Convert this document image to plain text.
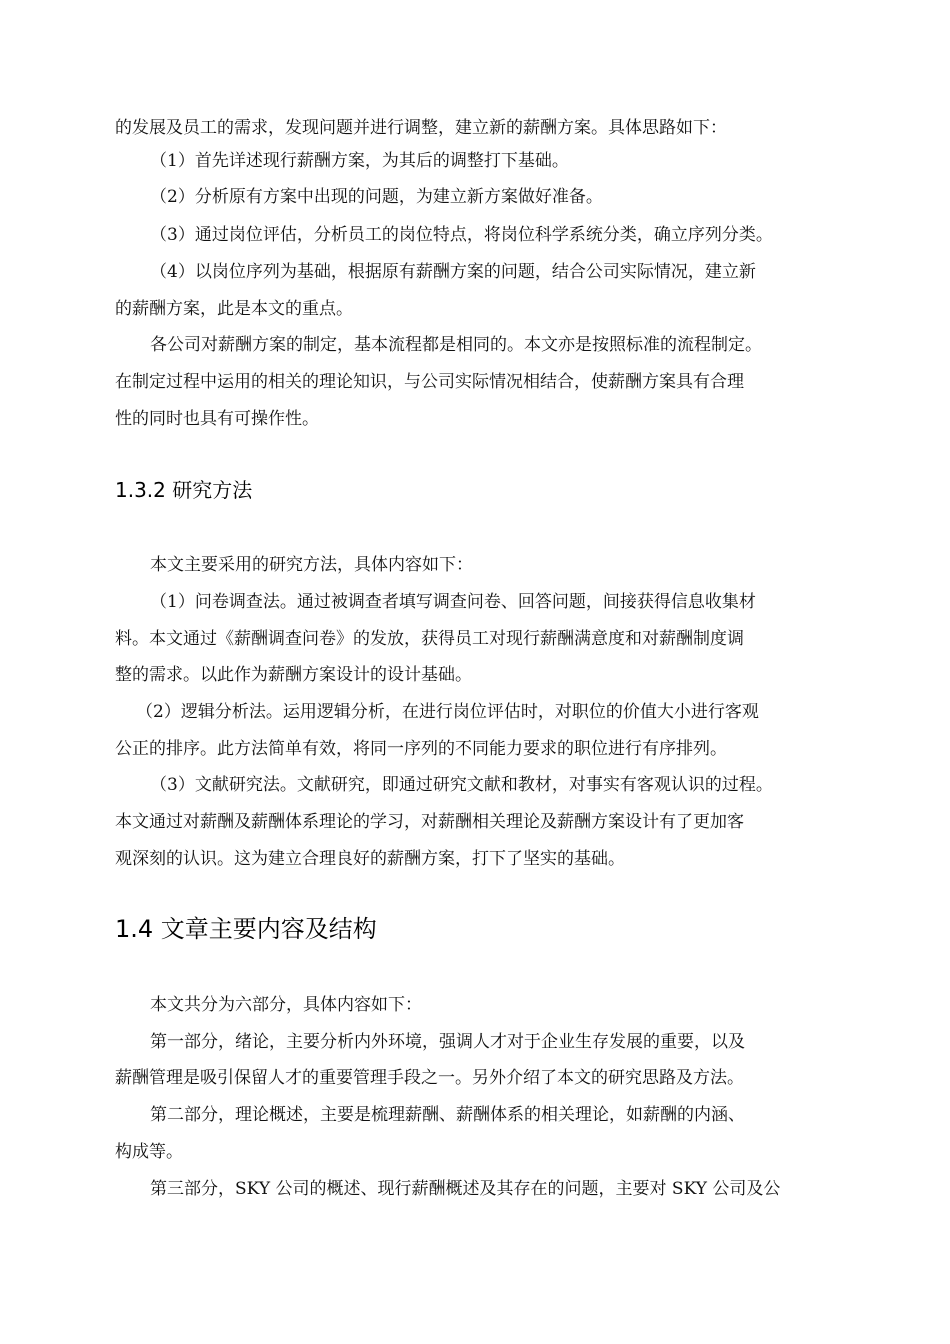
的发展及员工的需求，发现问题并进行调整，建立新的薪酬方案。具体思路如下：
（1）首先详述现行薪酬方案，为其后的调整打下基础。
（2）分析原有方案中出现的问题，为建立新方案做好准备。
（3）通过岗位评估，分析员工的岗位特点，将岗位科学系统分类，确立序列分类。
（4）以岗位序列为基础，根据原有薪酬方案的问题，结合公司实际情况，建立新
的薪酬方案，此是本文的重点。
各公司对薪酬方案的制定，基本流程都是相同的。本文亦是按照标准的流程制定。
在制定过程中运用的相关的理论知识，与公司实际情况相结合，使薪酬方案具有合理
性的同时也具有可操作性。
1.3.2 研究方法
本文主要采用的研究方法，具体内容如下：
（1）问卷调查法。通过被调查者填写调查问卷、回答问题，间接获得信息收集材
料。本文通过《薪酬调查问卷》的发放，获得员工对现行薪酬满意度和对薪酬制度调
整的需求。以此作为薪酬方案设计的设计基础。
（2）逻辑分析法。运用逻辑分析，在进行岗位评估时，对职位的价值大小进行客观
公正的排序。此方法简单有效，将同一序列的不同能力要求的职位进行有序排列。
（3）文献研究法。文献研究，即通过研究文献和教材，对事实有客观认识的过程。
本文通过对薪酬及薪酬体系理论的学习，对薪酬相关理论及薪酬方案设计有了更加客
观深刻的认识。这为建立合理良好的薪酬方案，打下了坚实的基础。
1.4 文章主要内容及结构
本文共分为六部分，具体内容如下：
第一部分，绪论，主要分析内外环境，强调人才对于企业生存发展的重要，以及
薪酬管理是吸引保留人才的重要管理手段之一。另外介绍了本文的研究思路及方法。
第二部分，理论概述，主要是梳理薪酬、薪酬体系的相关理论，如薪酬的内涵、
构成等。
第三部分，SKY 公司的概述、现行薪酬概述及其存在的问题，主要对 SKY 公司及公
